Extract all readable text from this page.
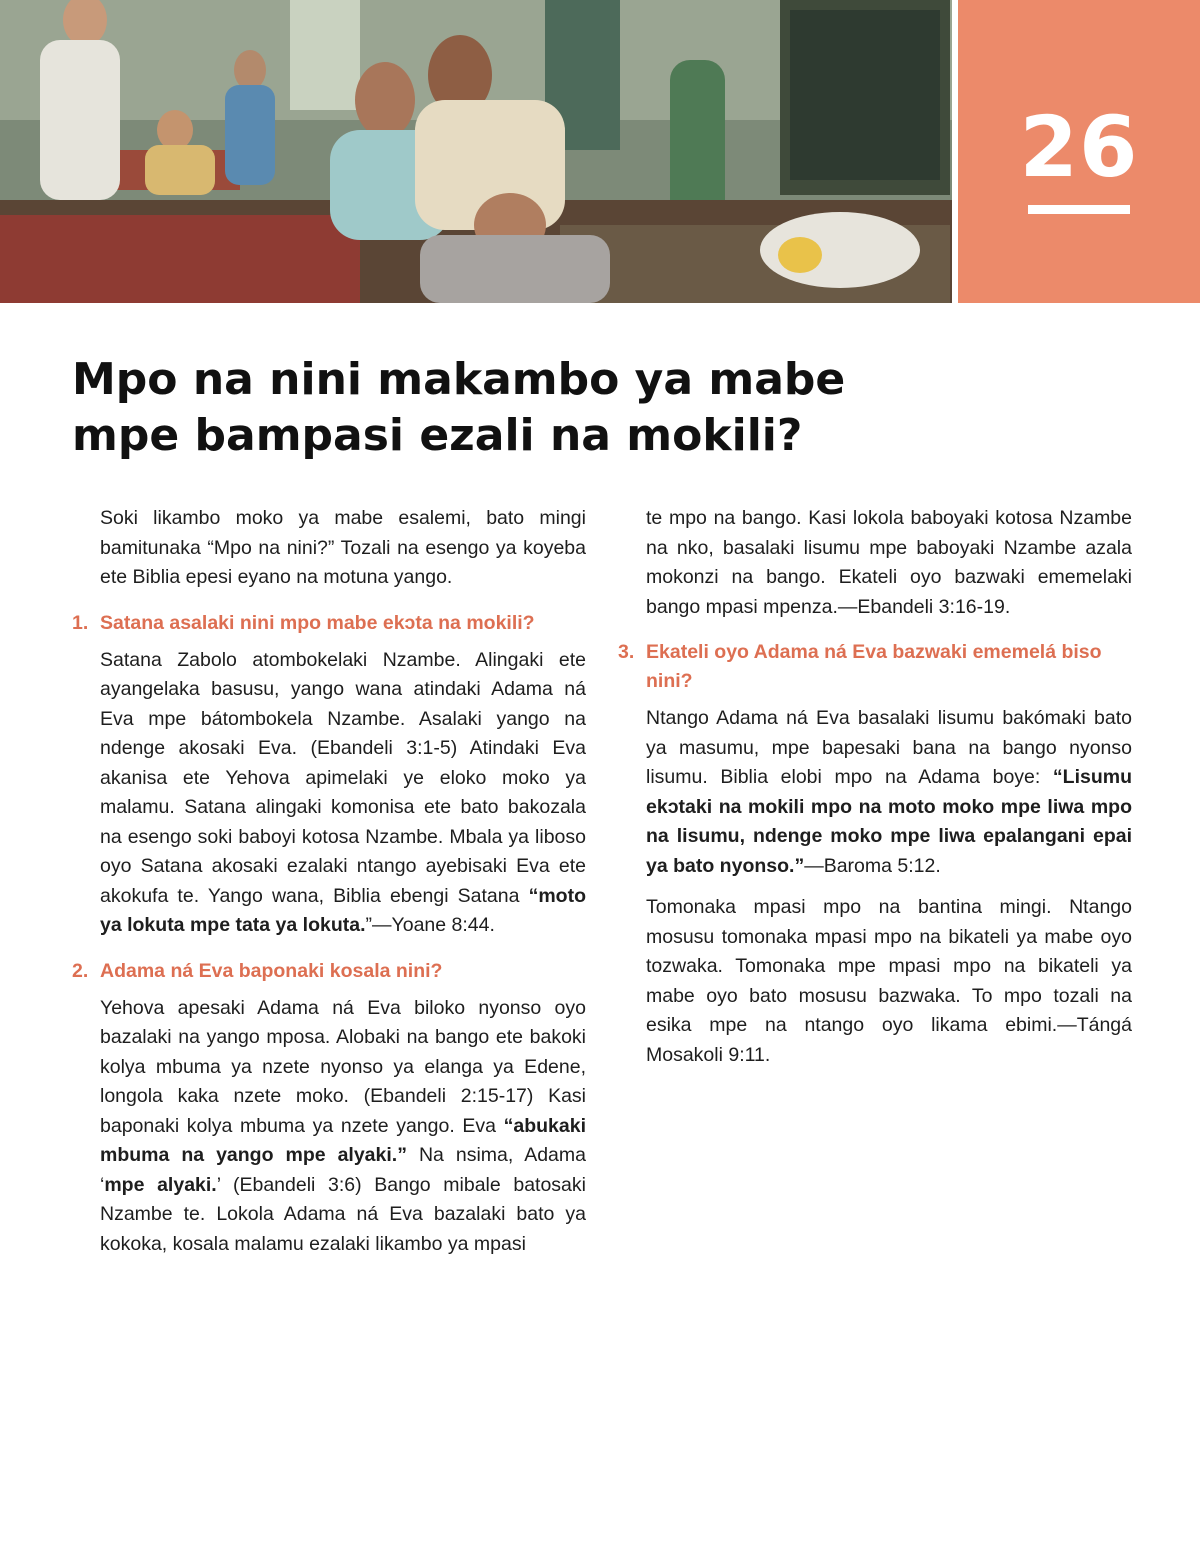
26
Mpo na nini makambo ya mabe mpe bampasi ezali na mokili?

Soki likambo moko ya mabe esalemi, bato mingi bamitunaka “Mpo na nini?” Tozali na esengo ya koyeba ete Biblia epesi eyano na motuna yango.

1. Satana asalaki nini mpo mabe ekɔta na mokili?

Satana Zabolo atombokelaki Nzambe. Alingaki ete ayangelaka basusu, yango wana atindaki Adama ná Eva mpe bátombokela Nzambe. Asalaki yango na ndenge akosaki Eva. (Ebandeli 3:1-5) Atindaki Eva akanisa ete Yehova apimelaki ye eloko moko ya malamu. Satana alingaki komonisa ete bato bakozala na esengo soki baboyi kotosa Nzambe. Mbala ya liboso oyo Satana akosaki ezalaki ntango ayebisaki Eva ete akokufa te. Yango wana, Biblia ebengi Satana “moto ya lokuta mpe tata ya lokuta.”—Yoane 8:44.

2. Adama ná Eva baponaki kosala nini?

Yehova apesaki Adama ná Eva biloko nyonso oyo bazalaki na yango mposa. Alobaki na bango ete bakoki kolya mbuma ya nzete nyonso ya elanga ya Edene, longola kaka nzete moko. (Ebandeli 2:15-17) Kasi baponaki kolya mbuma ya nzete yango. Eva “abukaki mbuma na yango mpe alyaki.” Na nsima, Adama ‘mpe alyaki.’ (Ebandeli 3:6) Bango mibale batosaki Nzambe te. Lokola Adama ná Eva bazalaki bato ya kokoka, kosala malamu ezalaki likambo ya mpasi

te mpo na bango. Kasi lokola baboyaki kotosa Nzambe na nko, basalaki lisumu mpe baboyaki Nzambe azala mokonzi na bango. Ekateli oyo bazwaki ememelaki bango mpasi mpenza.—Ebandeli 3:16-19.

3. Ekateli oyo Adama ná Eva bazwaki ememelá biso nini?

Ntango Adama ná Eva basalaki lisumu bakómaki bato ya masumu, mpe bapesaki bana na bango nyonso lisumu. Biblia elobi mpo na Adama boye: “Lisumu ekɔtaki na mokili mpo na moto moko mpe liwa mpo na lisumu, ndenge moko mpe liwa epalangani epai ya bato nyonso.”—Baroma 5:12.

Tomonaka mpasi mpo na bantina mingi. Ntango mosusu tomonaka mpasi mpo na bikateli ya mabe oyo tozwaka. Tomonaka mpe mpasi mpo na bikateli ya mabe oyo bato mosusu bazwaka. To mpo tozali na esika mpe na ntango oyo likama ebimi.—Tángá Mosakoli 9:11.
